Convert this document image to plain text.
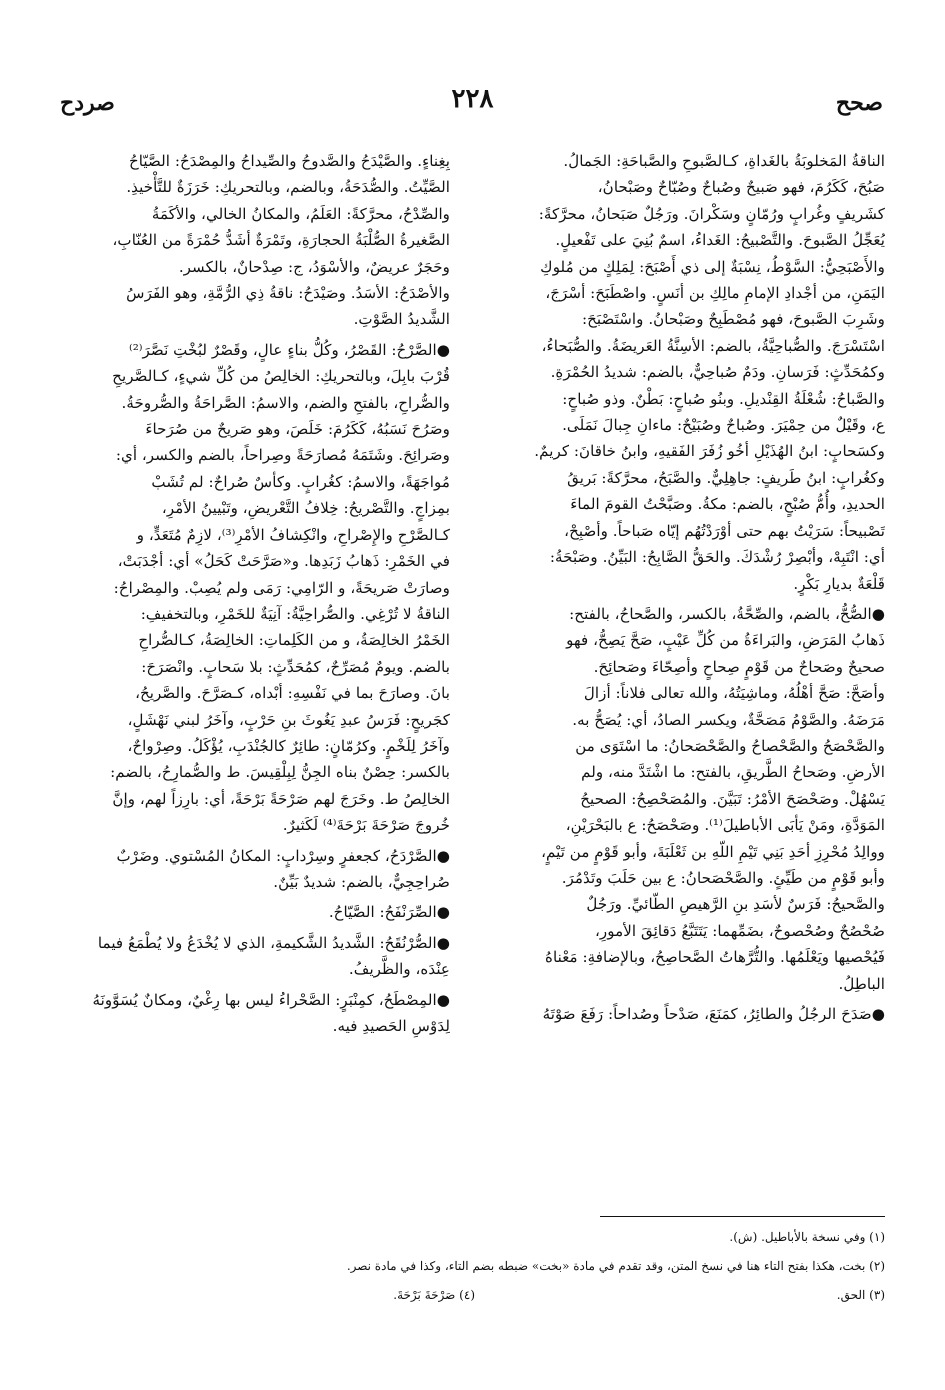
صحح
٢٢٨
صردح

الناقةُ المَخلوبَةُ بالغَداةِ، كـالصَّبوحِ والصَّباحَةِ: الجَمالُ.

صَبُحَ، كَكَرُمَ، فهو صَبيحٌ وصُباحٌ وصُبّاحٌ وصَبْحانُ،

كشَريفٍ وغُرابٍ ورُمّانٍ وسَكْرانَ. ورَجُلٌ صَبَحانُ، محرَّكةً:

يُعَجِّلُ الصَّبوحَ. والتَّصْبيحُ: الغَداءُ، اسمٌ بُنِيَ على تَفْعيلٍ.

والأَصْبَحِيُّ: السَّوْطُ، نِسْبَةٌ إلى ذي أَصْبَحَ: لِمَلِكٍ من مُلوكِ

اليَمَنِ، من أجْدادِ الإمامِ مالِكِ بن أنَسٍ. واصْطَبَحَ: أسْرَجَ،

وشَرِبَ الصَّبوحَ، فهو مُصْطَبِحٌ وصَبْحانُ. واسْتَصْبَحَ:

اسْتَسْرَجَ. والصُّباحِيَّةُ، بالضم: الأسِنَّةُ العَريضَةُ. والصُّبَحاءُ،

وكمُحَدِّثٍ: فَرَسانِ. ودَمٌ صُباحِيٌّ، بالضم: شديدُ الحُمْرَةِ.

والصَّباحُ: شُعْلَةُ القِنْديلِ. وبنُو صُباحٍ: بَطْنٌ. وذو صُباحٍ:

ع، وقَيْلٌ من حِمْيَرَ. وصُباحٌ وصُبَيْحٌ: ماءانِ جِبالَ نَمَلَى.

وكسَحابٍ: ابنُ الهُذَيْلِ أخُو زُفَرَ الفَقيهِ، وابنُ خاقانَ: كريمٌ.

وكغُرابٍ: ابنُ طَريفٍ: جاهِلِيٌّ. والصَّبَحُ، محرَّكةً: بَريقُ

الحديدِ، وأُمُّ صُبْحٍ، بالضم: مكةُ. وصَبَّحْتُ القومَ الماءَ

تَصْبيحاً: سَرَيْتُ بهم حتى أوْرَدْتُهُم إيّاه صَباحاً. وأصْبِحْ،

أي: انْتَبِهْ، وأبْصِرْ رُشْدَكَ. والحَقُّ الصَّابِحُ: البَيِّنُ. وصَبْحَةُ:

قَلْعَةٌ بديارِ بَكْرٍ.

●الصُّحُّ، بالضم، والصِّحَّةُ، بالكسر، والصَّحاحُ، بالفتح:

ذَهابُ المَرَضِ، والبَراءَةُ من كُلِّ عَيْبٍ، صَحَّ يَصِحُّ، فهو

صحيحٌ وصَحاحٌ من قَوْمٍ صِحاحٍ وأصِحّاءَ وصَحائِحَ.

وأصَحَّ: صَحَّ أهْلُهُ، وماشِيَتُهُ، والله تعالى فلاناً: أزالَ

مَرَضَهُ. والصَّوْمُ مَصَحَّةٌ، ويكسر الصادُ، أي: يُصَحُّ به.

والصَّحْصَحُ والصَّحْصاحُ والصَّحْصَحانُ: ما اسْتَوَى من

الأرضِ. وصَحاحُ الطَّريقِ، بالفتح: ما اشْتَدَّ منه، ولم

يَسْهُلْ. وصَحْصَحَ الأمْرُ: تَبَيَّنَ. والمُصَحْصِحُ: الصحيحُ

المَوَدَّةِ، ومَنْ يَأبَى الأباطيلَ⁽¹⁾. وصَحْصَحُ: ع بالبَحْرَيْنِ،

ووالِدُ مُحْرِزِ أحَدِ بَنِي تَيْمِ اللّهِ بن ثَعْلَبَةَ، وأبو قَوْمٍ من تَيْمٍ،

وأبو قَوْمٍ من طَيِّئٍ. والصَّحْصَحانُ: ع بين حَلَبَ وتَدْمُرَ.

والصَّحيحُ: فَرَسٌ لأسَدِ بنِ الرَّهيصِ الطّائيِّ. ورَجُلٌ

صُحْصُحٌ وصُحْصوحٌ، بضَمِّهما: يَتَتَبَّعُ دَقائِقَ الأمورِ،

فَيُحْصيها ويَعْلَمُها. والتُّرَّهاتُ الصَّحاصِحُ، وبالإضافةِ: مَعْناهُ

الباطِلُ.

●صَدَحَ الرجُلُ والطائِرُ، كمَنَعَ، صَدْحاً وصُداحاً: رَفَعَ صَوْتَهُ

بِغِناءٍ. والصَّيْدَحُ والصَّدوحُ والصِّيداحُ والمِصْدَحُ: الصَّيّاحُ

الصَّيِّتُ. والصُّدَحَةُ، وبالضم، وبالتحريكِ: خَرَزَةٌ للتَّأْخيذِ.

والصِّدْحُ، محرَّكةً: العَلَمُ، والمكانُ الخالي، والأكَمَةُ

الصَّغيرةُ الصُّلْبَةُ الحجارَةِ، وتَمْرَةٌ أشَدُّ حُمْرَةً من العُنّابِ،

وحَجَرٌ عريضٌ، والأسْوَدُ، ج: صِدْحانٌ، بالكسر.

والأصْدَحُ: الأسَدُ. وصَيْدَحُ: ناقةُ ذِي الرُّمَّةِ، وهو الفَرَسُ

الشَّديدُ الصَّوْتِ.

●الصَّرْحُ: القَصْرُ، وكُلُّ بناءٍ عالٍ، وقَصْرٌ لبُخْتِ نَصَّرَ⁽²⁾

قُرْبَ بابِلَ، وبالتحريكِ: الخالِصُ من كُلِّ شيءٍ، كـالصَّريحِ

والصُّراحِ، بالفتحِ والضم، والاسمُ: الصَّراحَةُ والصُّروحَةُ.

وصَرُحَ نَسَبُهُ، كَكَرُمَ: خَلَصَ، وهو صَريحٌ من صُرَحاءَ

وصَرائِحَ. وشَتَمَهُ مُصارَحَةً وصِراحاً، بالضم والكسر، أي:

مُواجَهَةً، والاسمُ: كغُرابٍ. وكأسٌ صُراحٌ: لم تُشَبْ

بمِزاجٍ. والتَّصْريحُ: خِلافُ التَّعْريضِ، وتَبْيينُ الأمْرِ،

كـالصَّرْحِ والإِصْراحِ، وانْكِشافُ الأمْرِ⁽³⁾، لازِمٌ مُتَعَدٍّ، و

في الخَمْرِ: ذَهابُ زَبَدِها. و«صَرَّحَتْ كَحَلُ» أي: أجْدَبَتْ،

وصارَتْ صَريحَةً، و الرّامِي: رَمَى ولم يُصِبْ. والمِصْراحُ:

الناقةُ لا تُرْغِي. والصُّراحِيَّةُ: آنِيَةٌ للخَمْرِ، وبالتخفيفِ:

الخَمْرُ الخالِصَةُ، و من الكَلِماتِ: الخالِصَةُ، كـالصُّراحِ

بالضم. ويومٌ مُصَرِّحٌ، كمُحَدِّثٍ: بلا سَحابٍ. وانْصَرَحَ:

بانَ. وصارَحَ بما في نَفْسِهِ: أبْداه، كـصَرَّحَ. والصَّريحُ،

كجَريحٍ: فَرَسُ عبدِ يَغُوثَ بنِ حَرْبٍ، وآخَرُ لبني نَهْشَلٍ،

وآخَرُ لِلَخْمٍ. وكرُمّانٍ: طائِرٌ كالجُنْدَبِ، يُؤْكَلُ. وصِرْواحٌ،

بالكسر: حِصْنٌ بناه الجِنُّ لِبِلْقِيسَ. ط والصُّمارِحُ، بالضم:

الخالِصُ ط. وخَرَجَ لهم صَرْحَةً بَرْحَةً، أي: بارِزاً لهم، وإنَّ

خُروجَ صَرْحَةَ بَرْحَةَ⁽⁴⁾ لَكَثيرٌ.

●الصَّرْدَحُ، كجعفرٍ وسِرْدابٍ: المكانُ المُسْتوي. وضَرْبٌ

صُراحِجِيٌّ، بالضم: شديدٌ بَيِّنٌ.

●الصِّرَنْفَحُ: الصَّيّاحُ.

●الصُّرْنُقَحُ: الشَّديدُ الشَّكيمةِ، الذي لا يُخْدَعُ ولا يُطْمَعُ فيما

عِنْدَه، والظَّريفُ.

●المِصْطَحُ، كمِنْبَرٍ: الصَّحْراءُ ليس بها رِغْيٌ، ومكانٌ يُسَوَّونَهُ

لِدَوْسِ الحَصيدِ فيه.

(١) وفي نسخة بالأباطيل. (ش).
(٢) بخت، هكذا بفتح التاء هنا في نسخ المتن، وقد تقدم في مادة «بخت» ضبطه بضم التاء، وكذا في مادة نصر.
(٣) الحق.
(٤) صَرْحَةَ بَرْحَةَ.
